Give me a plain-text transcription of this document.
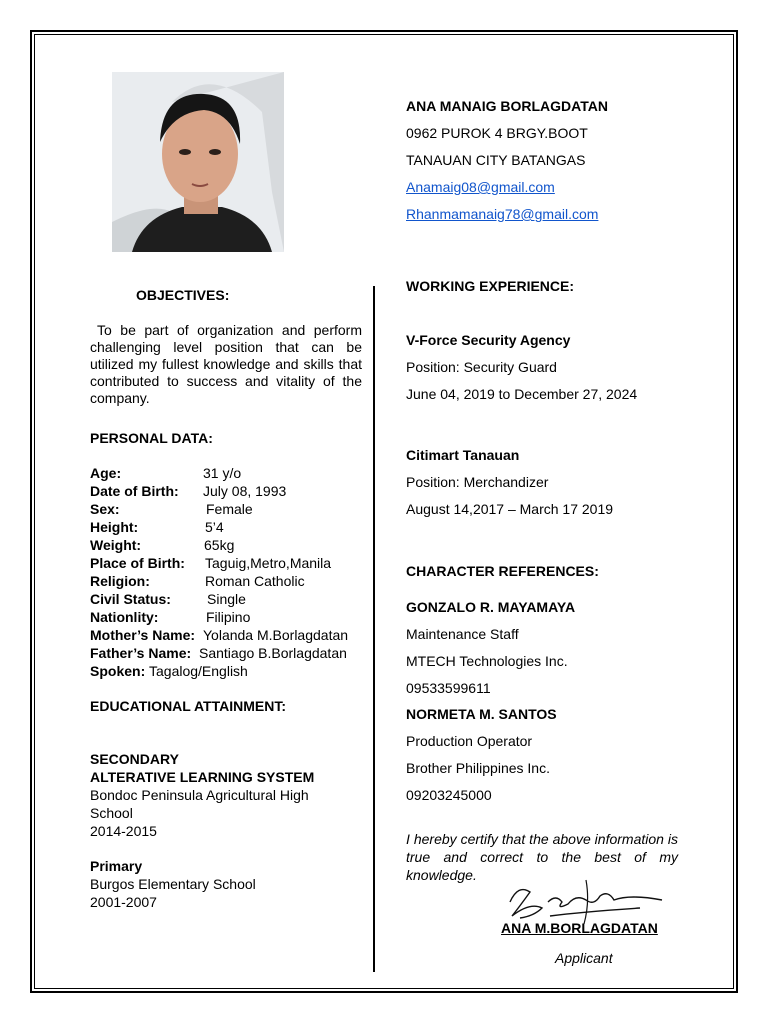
ANA MANAIG BORLAGDATAN
0962 PUROK 4 BRGY.BOOT
TANAUAN CITY BATANGAS
Anamaig08@gmail.com
Rhanmamanaig78@gmail.com
OBJECTIVES:
To be part of organization and perform challenging level position that can be utilized my fullest knowledge and skills that contributed to success and vitality of the company.
PERSONAL DATA:
Age:	31 y/o
Date of Birth: July 08, 1993
Sex:	Female
Height:	5’4
Weight:	65kg
Place of Birth: Taguig,Metro,Manila
Religion:	Roman Catholic
Civil Status:	Single
Nationlity:	Filipino
Mother’s Name: Yolanda M.Borlagdatan
Father’s Name: Santiago B.Borlagdatan
Spoken: Tagalog/English
EDUCATIONAL ATTAINMENT:
SECONDARY
ALTERATIVE LEARNING SYSTEM
Bondoc Peninsula Agricultural High
School
2014-2015
Primary
Burgos Elementary School
2001-2007
WORKING EXPERIENCE:
V-Force Security Agency
Position: Security Guard
June 04, 2019 to December 27, 2024
Citimart Tanauan
Position: Merchandizer
August 14,2017 – March 17 2019
CHARACTER REFERENCES:
GONZALO R. MAYAMAYA
Maintenance Staff
MTECH Technologies Inc.
09533599611
NORMETA M. SANTOS
Production Operator
Brother Philippines Inc.
09203245000
I hereby certify that the above information is true and correct to the best of my knowledge.
ANA M.BORLAGDATAN
Applicant
